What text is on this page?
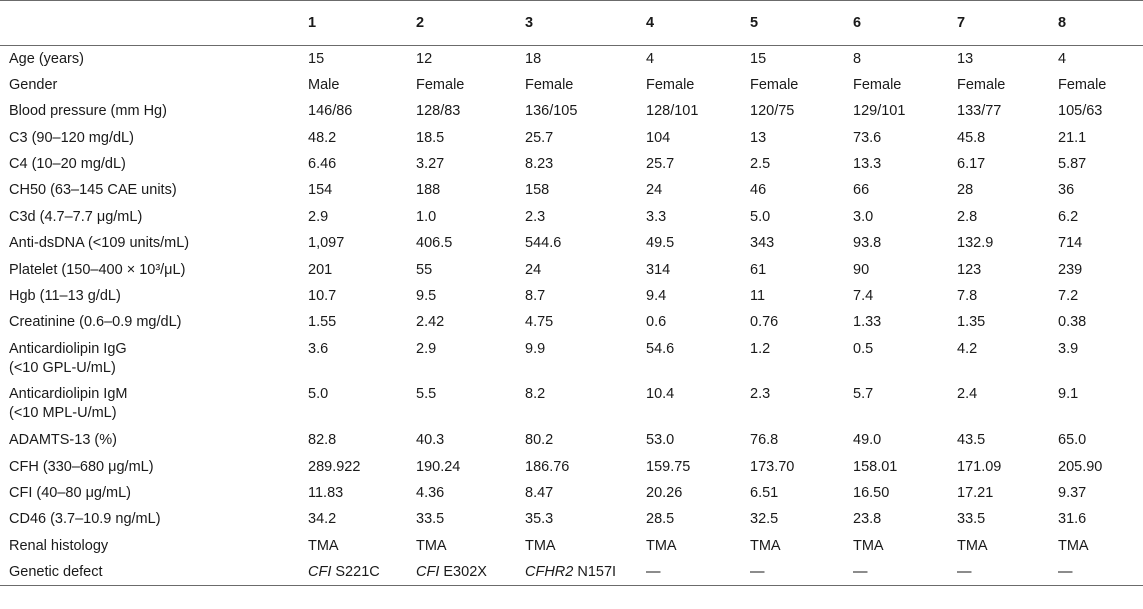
	1	2	3	4	5	6	7	8

Age (years)	15	12	18	4	15	8	13	4

Gender	Male	Female	Female	Female	Female	Female	Female	Female

Blood pressure (mm Hg)	146/86	128/83	136/105	128/101	120/75	129/101	133/77	105/63

C3 (90–120 mg/dL)	48.2	18.5	25.7	104	13	73.6	45.8	21.1

C4 (10–20 mg/dL)	6.46	3.27	8.23	25.7	2.5	13.3	6.17	5.87

CH50 (63–145 CAE units)	154	188	158	24	46	66	28	36

C3d (4.7–7.7 μg/mL)	2.9	1.0	2.3	3.3	5.0	3.0	2.8	6.2

Anti-dsDNA (<109 units/mL)	1,097	406.5	544.6	49.5	343	93.8	132.9	714

Platelet (150–400 × 10³/μL)	201	55	24	314	61	90	123	239

Hgb (11–13 g/dL)	10.7	9.5	8.7	9.4	11	7.4	7.8	7.2

Creatinine (0.6–0.9 mg/dL)	1.55	2.42	4.75	0.6	0.76	1.33	1.35	0.38

Anticardiolipin IgG
(<10 GPL-U/mL)	3.6	2.9	9.9	54.6	1.2	0.5	4.2	3.9

Anticardiolipin IgM
(<10 MPL-U/mL)	5.0	5.5	8.2	10.4	2.3	5.7	2.4	9.1

ADAMTS-13 (%)	82.8	40.3	80.2	53.0	76.8	49.0	43.5	65.0

CFH (330–680 μg/mL)	289.922	190.24	186.76	159.75	173.70	158.01	171.09	205.90

CFI (40–80 μg/mL)	11.83	4.36	8.47	20.26	6.51	16.50	17.21	9.37

CD46 (3.7–10.9 ng/mL)	34.2	33.5	35.3	28.5	32.5	23.8	33.5	31.6

Renal histology	TMA	TMA	TMA	TMA	TMA	TMA	TMA	TMA
Genetic defect	CFI S221C	CFI E302X	CFHR2 N157I	—	—	—	—	—
